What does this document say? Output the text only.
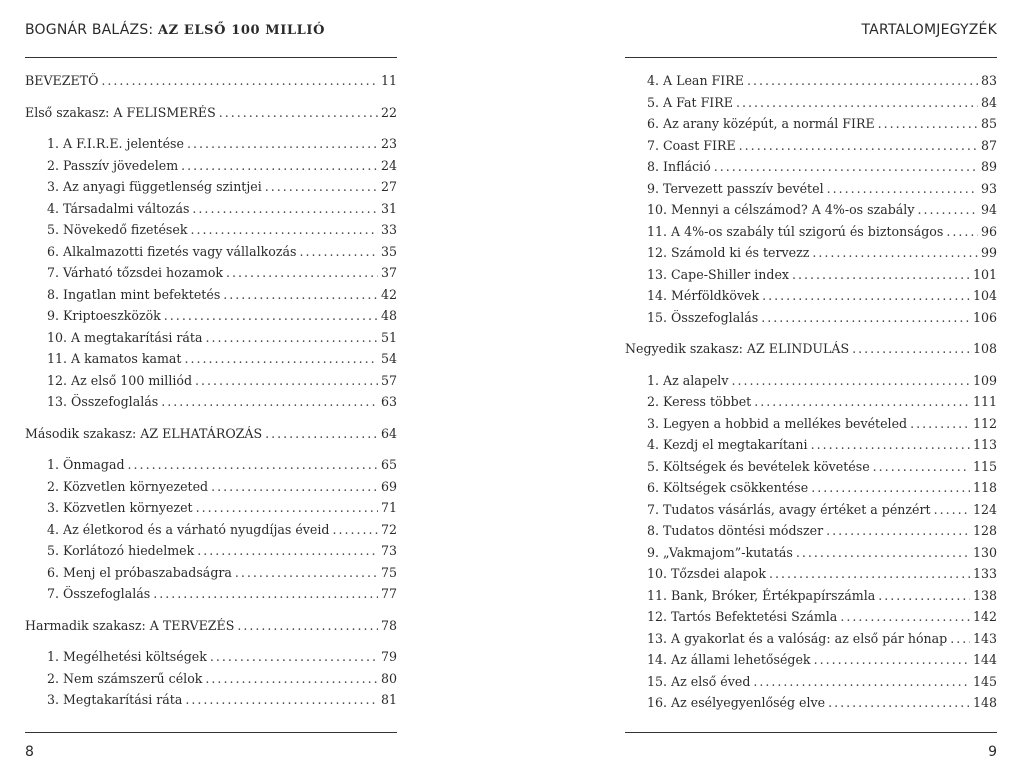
BOGNÁR BALÁZS: AZ ELSŐ 100 MILLIÓ
BEVEZETŐ . . .	11
Első szakasz: A FELISMERÉS . . .	22
1. A F.I.R.E. jelentése . . .	23
2. Passzív jövedelem . . .	24
3. Az anyagi függetlenség szintjei . . .	27
4. Társadalmi változás . . .	31
5. Növekedő fizetések . . .	33
6. Alkalmazotti fizetés vagy vállalkozás . . .	35
7. Várható tőzsdei hozamok . . .	37
8. Ingatlan mint befektetés . . .	42
9. Kriptoeszközök . . .	48
10. A megtakarítási ráta . . .	51
11. A kamatos kamat . . .	54
12. Az első 100 milliód . . .	57
13. Összefoglalás . . .	63
Második szakasz: AZ ELHATÁROZÁS . . .	64
1. Önmagad . . .	65
2. Közvetlen környezeted . . .	69
3. Közvetlen környezet . . .	71
4. Az életkorod és a várható nyugdíjas éveid . . .	72
5. Korlátozó hiedelmek . . .	73
6. Menj el próbaszabadságra . . .	75
7. Összefoglalás . . .	77
Harmadik szakasz: A TERVEZÉS . . .	78
1. Megélhetési költségek . . .	79
2. Nem számszerű célok . . .	80
3. Megtakarítási ráta . . .	81
8
TARTALOMJEGYZÉK
4. A Lean FIRE . . .	83
5. A Fat FIRE . . .	84
6. Az arany középút, a normál FIRE . . .	85
7. Coast FIRE . . .	87
8. Infláció . . .	89
9. Tervezett passzív bevétel . . .	93
10. Mennyi a célszámod? A 4%-os szabály . . .	94
11. A 4%-os szabály túl szigorú és biztonságos . . .	96
12. Számold ki és tervezz . . .	99
13. Cape-Shiller index . . .	101
14. Mérföldkövek . . .	104
15. Összefoglalás . . .	106
Negyedik szakasz: AZ ELINDULÁS . . .	108
1. Az alapelv . . .	109
2. Keress többet . . .	111
3. Legyen a hobbid a mellékes bevételed . . .	112
4. Kezdj el megtakarítani . . .	113
5. Költségek és bevételek követése . . .	115
6. Költségek csökkentése . . .	118
7. Tudatos vásárlás, avagy értéket a pénzért . . .	124
8. Tudatos döntési módszer . . .	128
9. „Vakmajom”-kutatás . . .	130
10. Tőzsdei alapok . . .	133
11. Bank, Bróker, Értékpapírszámla . . .	138
12. Tartós Befektetési Számla . . .	142
13. A gyakorlat és a valóság: az első pár hónap . . . 143
14. Az állami lehetőségek . . .	144
15. Az első éved . . .	145
16. Az esélyegyenlőség elve . . .	148
9
